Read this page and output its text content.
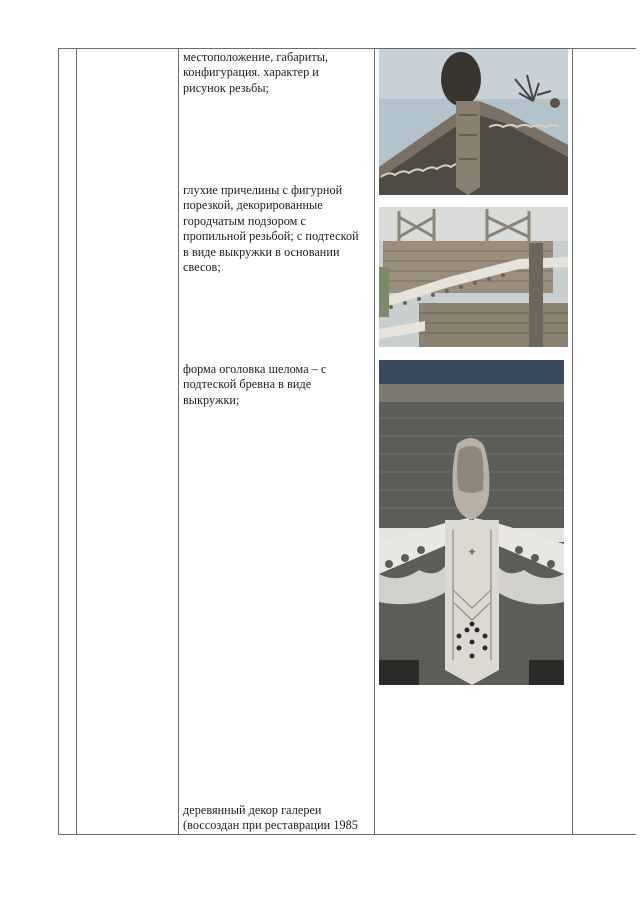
местоположение, габариты,
конфигурация. характер и
рисунок резьбы;
глухие причелины с фигурной
порезкой, декорированные
городчатым подзором с
пропильной резьбой; с подтеской
в виде выкружки в основании
свесов;
форма оголовка шелома – с
подтеской бревна в виде
выкружки;
деревянный декор галереи
(воссоздан при реставрации 1985
✦
